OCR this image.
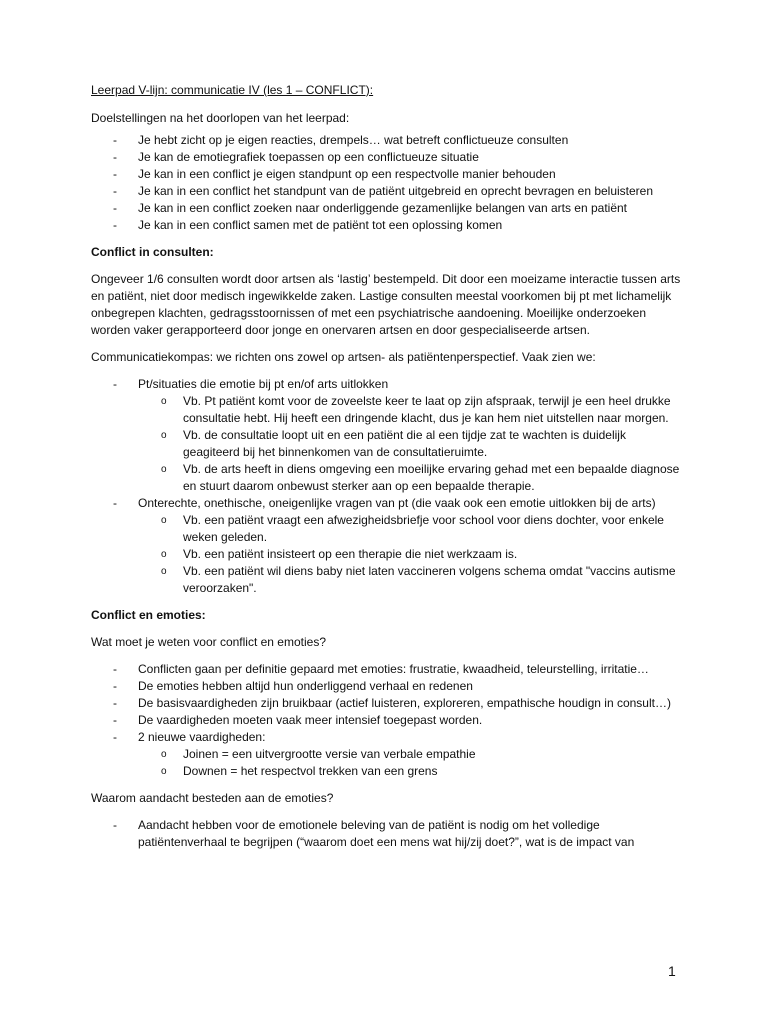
Leerpad V-lijn: communicatie IV (les 1 – CONFLICT):

Doelstellingen na het doorlopen van het leerpad:

- Je hebt zicht op je eigen reacties, drempels… wat betreft conflictueuze consulten
- Je kan de emotiegrafiek toepassen op een conflictueuze situatie
- Je kan in een conflict je eigen standpunt op een respectvolle manier behouden
- Je kan in een conflict het standpunt van de patiënt uitgebreid en oprecht bevragen en beluisteren
- Je kan in een conflict zoeken naar onderliggende gezamenlijke belangen van arts en patiënt
- Je kan in een conflict samen met de patiënt tot een oplossing komen

Conflict in consulten:

Ongeveer 1/6 consulten wordt door artsen als ‘lastig’ bestempeld. Dit door een moeizame interactie tussen arts en patiënt, niet door medisch ingewikkelde zaken. Lastige consulten meestal voorkomen bij pt met lichamelijk onbegrepen klachten, gedragsstoornissen of met een psychiatrische aandoening. Moeilijke onderzoeken worden vaker gerapporteerd door jonge en onervaren artsen en door gespecialiseerde artsen.

Communicatiekompas: we richten ons zowel op artsen- als patiëntenperspectief. Vaak zien we:

- Pt/situaties die emotie bij pt en/of arts uitlokken
o Vb. Pt patiënt komt voor de zoveelste keer te laat op zijn afspraak, terwijl je een heel drukke consultatie hebt. Hij heeft een dringende klacht, dus je kan hem niet uitstellen naar morgen.
o Vb. de consultatie loopt uit en een patiënt die al een tijdje zat te wachten is duidelijk geagiteerd bij het binnenkomen van de consultatieruimte.
o Vb. de arts heeft in diens omgeving een moeilijke ervaring gehad met een bepaalde diagnose en stuurt daarom onbewust sterker aan op een bepaalde therapie.
- Onterechte, onethische, oneigenlijke vragen van pt (die vaak ook een emotie uitlokken bij de arts)
o Vb. een patiënt vraagt een afwezigheidsbriefje voor school voor diens dochter, voor enkele weken geleden.
o Vb. een patiënt insisteert op een therapie die niet werkzaam is.
o Vb. een patiënt wil diens baby niet laten vaccineren volgens schema omdat "vaccins autisme veroorzaken".

Conflict en emoties:

Wat moet je weten voor conflict en emoties?

- Conflicten gaan per definitie gepaard met emoties: frustratie, kwaadheid, teleurstelling, irritatie…
- De emoties hebben altijd hun onderliggend verhaal en redenen
- De basisvaardigheden zijn bruikbaar (actief luisteren, exploreren, empathische houdign in consult…)
- De vaardigheden moeten vaak meer intensief toegepast worden.
- 2 nieuwe vaardigheden:
o Joinen = een uitvergrootte versie van verbale empathie
o Downen = het respectvol trekken van een grens

Waarom aandacht besteden aan de emoties?

- Aandacht hebben voor de emotionele beleving van de patiënt is nodig om het volledige patiëntenverhaal te begrijpen (“waarom doet een mens wat hij/zij doet?”, wat is de impact van
1
